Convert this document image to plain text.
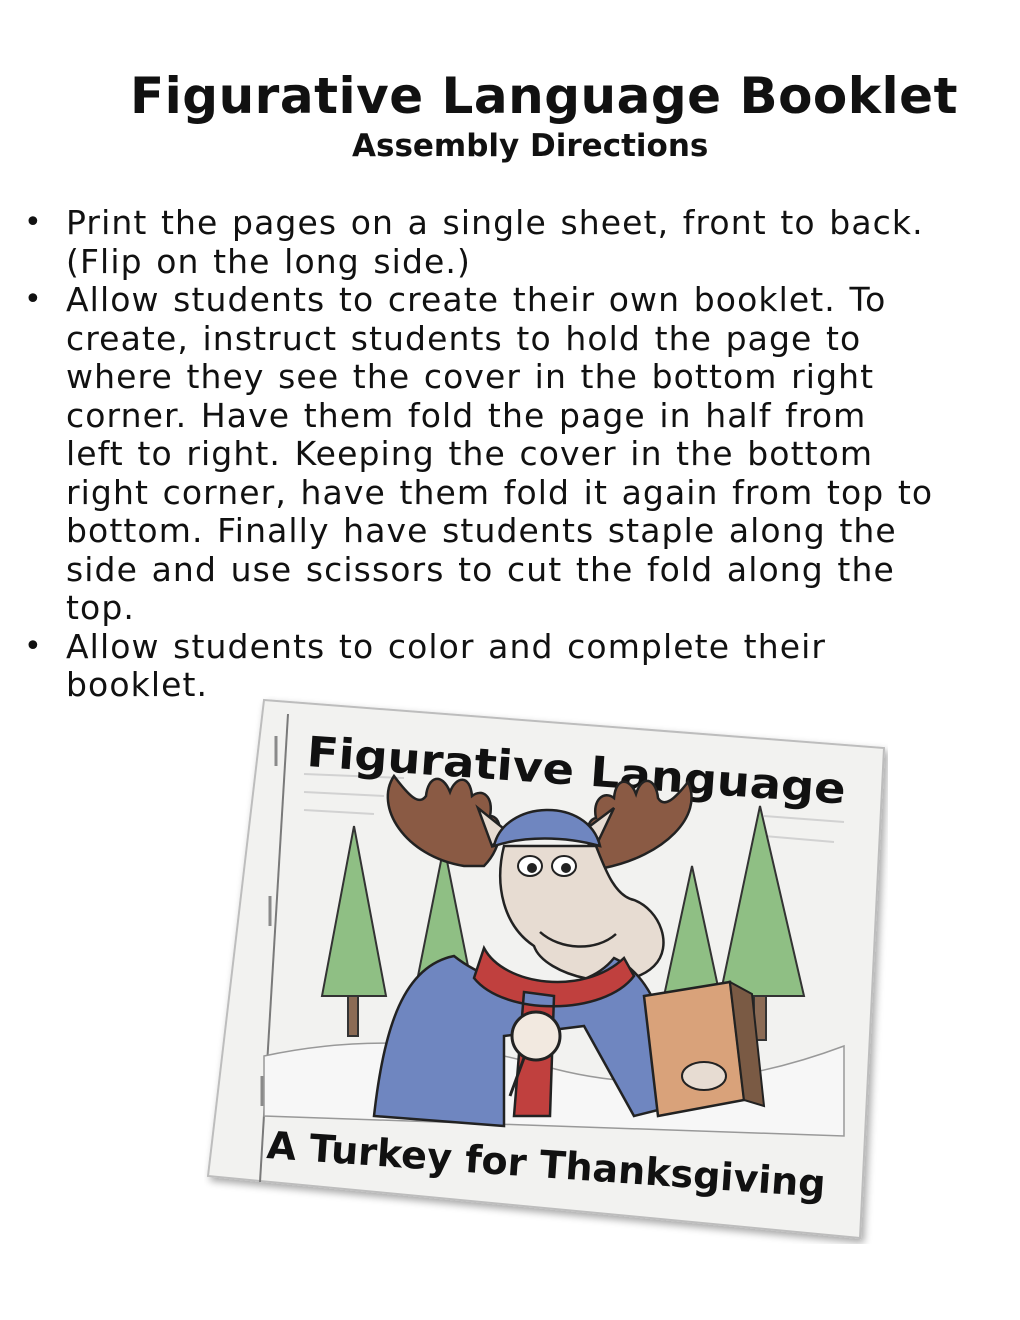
Figurative Language Booklet
Assembly Directions
• Print the pages on a single sheet, front to back.
(Flip on the long side.)
• Allow students to create their own booklet. To
create, instruct students to hold the page to
where they see the cover in the bottom right
corner. Have them fold the page in half from
left to right. Keeping the cover in the bottom
right corner, have them fold it again from top to
bottom. Finally have students staple along the
side and use scissors to cut the fold along the
top.
• Allow students to color and complete their
booklet.
Figurative Language
A Turkey for Thanksgiving
